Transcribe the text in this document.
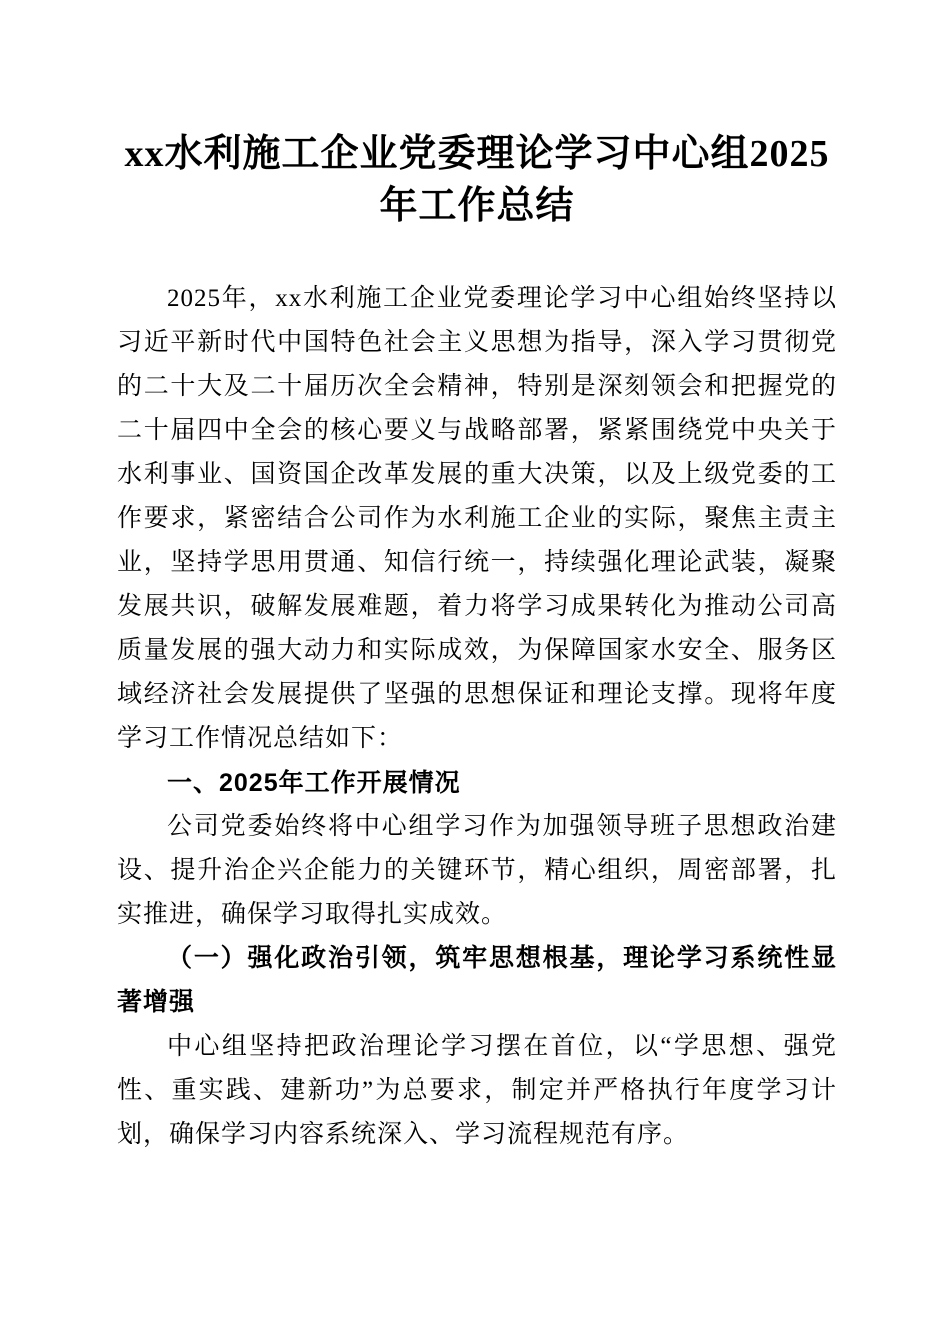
xx水利施工企业党委理论学习中心组2025年工作总结

2025年，xx水利施工企业党委理论学习中心组始终坚持以习近平新时代中国特色社会主义思想为指导，深入学习贯彻党的二十大及二十届历次全会精神，特别是深刻领会和把握党的二十届四中全会的核心要义与战略部署，紧紧围绕党中央关于水利事业、国资国企改革发展的重大决策，以及上级党委的工作要求，紧密结合公司作为水利施工企业的实际，聚焦主责主业，坚持学思用贯通、知信行统一，持续强化理论武装，凝聚发展共识，破解发展难题，着力将学习成果转化为推动公司高质量发展的强大动力和实际成效，为保障国家水安全、服务区域经济社会发展提供了坚强的思想保证和理论支撑。现将年度学习工作情况总结如下：

一、2025年工作开展情况

公司党委始终将中心组学习作为加强领导班子思想政治建设、提升治企兴企能力的关键环节，精心组织，周密部署，扎实推进，确保学习取得扎实成效。

（一）强化政治引领，筑牢思想根基，理论学习系统性显著增强

中心组坚持把政治理论学习摆在首位，以“学思想、强党性、重实践、建新功”为总要求，制定并严格执行年度学习计划，确保学习内容系统深入、学习流程规范有序。
